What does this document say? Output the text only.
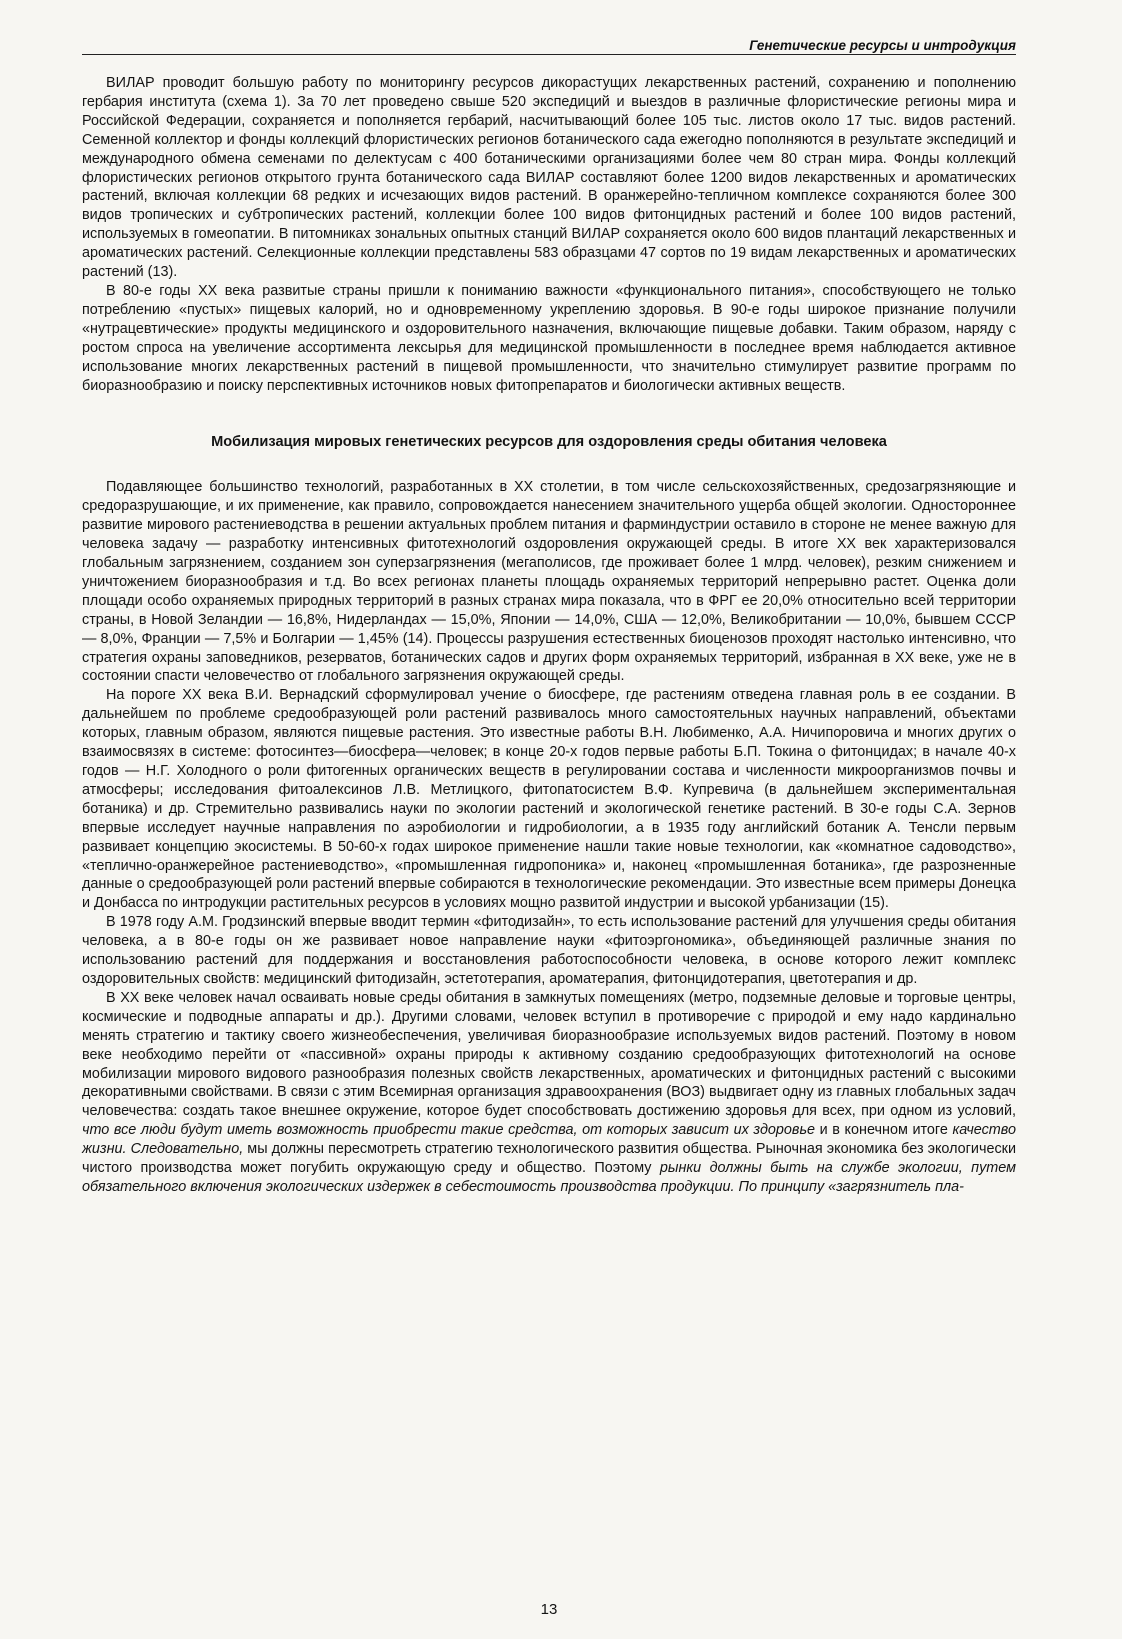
Генетические ресурсы и интродукция

ВИЛАР проводит большую работу по мониторингу ресурсов дикорастущих лекарственных растений, сохранению и пополнению гербария института (схема 1). За 70 лет проведено свыше 520 экспедиций и выездов в различные флористические регионы мира и Российской Федерации, сохраняется и пополняется гербарий, насчитывающий более 105 тыс. листов около 17 тыс. видов растений. Семенной коллектор и фонды коллекций флористических регионов ботанического сада ежегодно пополняются в результате экспедиций и международного обмена семенами по делектусам с 400 ботаническими организациями более чем 80 стран мира. Фонды коллекций флористических регионов открытого грунта ботанического сада ВИЛАР составляют более 1200 видов лекарственных и ароматических растений, включая коллекции 68 редких и исчезающих видов растений. В оранжерейно-тепличном комплексе сохраняются более 300 видов тропических и субтропических растений, коллекции более 100 видов фитонцидных растений и более 100 видов растений, используемых в гомеопатии. В питомниках зональных опытных станций ВИЛАР сохраняется около 600 видов плантаций лекарственных и ароматических растений. Селекционные коллекции представлены 583 образцами 47 сортов по 19 видам лекарственных и ароматических растений (13).

В 80-е годы XX века развитые страны пришли к пониманию важности «функционального питания», способствующего не только потреблению «пустых» пищевых калорий, но и одновременному укреплению здоровья. В 90-е годы широкое признание получили «нутрацевтические» продукты медицинского и оздоровительного назначения, включающие пищевые добавки. Таким образом, наряду с ростом спроса на увеличение ассортимента лексырья для медицинской промышленности в последнее время наблюдается активное использование многих лекарственных растений в пищевой промышленности, что значительно стимулирует развитие программ по биоразнообразию и поиску перспективных источников новых фитопрепаратов и биологически активных веществ.

Мобилизация мировых генетических ресурсов для оздоровления среды обитания человека

Подавляющее большинство технологий, разработанных в XX столетии, в том числе сельскохозяйственных, средозагрязняющие и средоразрушающие, и их применение, как правило, сопровождается нанесением значительного ущерба общей экологии. Одностороннее развитие мирового растениеводства в решении актуальных проблем питания и фарминдустрии оставило в стороне не менее важную для человека задачу — разработку интенсивных фитотехнологий оздоровления окружающей среды. В итоге XX век характеризовался глобальным загрязнением, созданием зон суперзагрязнения (мегаполисов, где проживает более 1 млрд. человек), резким снижением и уничтожением биоразнообразия и т.д. Во всех регионах планеты площадь охраняемых территорий непрерывно растет. Оценка доли площади особо охраняемых природных территорий в разных странах мира показала, что в ФРГ ее 20,0% относительно всей территории страны, в Новой Зеландии — 16,8%, Нидерландах — 15,0%, Японии — 14,0%, США — 12,0%, Великобритании — 10,0%, бывшем СССР — 8,0%, Франции — 7,5% и Болгарии — 1,45% (14). Процессы разрушения естественных биоценозов проходят настолько интенсивно, что стратегия охраны заповедников, резерватов, ботанических садов и других форм охраняемых территорий, избранная в XX веке, уже не в состоянии спасти человечество от глобального загрязнения окружающей среды.

На пороге XX века В.И. Вернадский сформулировал учение о биосфере, где растениям отведена главная роль в ее создании. В дальнейшем по проблеме средообразующей роли растений развивалось много самостоятельных научных направлений, объектами которых, главным образом, являются пищевые растения. Это известные работы В.Н. Любименко, А.А. Ничипоровича и многих других о взаимосвязях в системе: фотосинтез—биосфера—человек; в конце 20-х годов первые работы Б.П. Токина о фитонцидах; в начале 40-х годов — Н.Г. Холодного о роли фитогенных органических веществ в регулировании состава и численности микроорганизмов почвы и атмосферы; исследования фитоалексинов Л.В. Метлицкого, фитопатосистем В.Ф. Купревича (в дальнейшем экспериментальная ботаника) и др. Стремительно развивались науки по экологии растений и экологической генетике растений. В 30-е годы С.А. Зернов впервые исследует научные направления по аэробиологии и гидробиологии, а в 1935 году английский ботаник А. Тенсли первым развивает концепцию экосистемы. В 50-60-х годах широкое применение нашли такие новые технологии, как «комнатное садоводство», «теплично-оранжерейное растениеводство», «промышленная гидропоника» и, наконец «промышленная ботаника», где разрозненные данные о средообразующей роли растений впервые собираются в технологические рекомендации. Это известные всем примеры Донецка и Донбасса по интродукции растительных ресурсов в условиях мощно развитой индустрии и высокой урбанизации (15).

В 1978 году А.М. Гродзинский впервые вводит термин «фитодизайн», то есть использование растений для улучшения среды обитания человека, а в 80-е годы он же развивает новое направление науки «фитоэргономика», объединяющей различные знания по использованию растений для поддержания и восстановления работоспособности человека, в основе которого лежит комплекс оздоровительных свойств: медицинский фитодизайн, эстетотерапия, ароматерапия, фитонцидотерапия, цветотерапия и др.

В XX веке человек начал осваивать новые среды обитания в замкнутых помещениях (метро, подземные деловые и торговые центры, космические и подводные аппараты и др.). Другими словами, человек вступил в противоречие с природой и ему надо кардинально менять стратегию и тактику своего жизнеобеспечения, увеличивая биоразнообразие используемых видов растений. Поэтому в новом веке необходимо перейти от «пассивной» охраны природы к активному созданию средообразующих фитотехнологий на основе мобилизации мирового видового разнообразия полезных свойств лекарственных, ароматических и фитонцидных растений с высокими декоративными свойствами. В связи с этим Всемирная организация здравоохранения (ВОЗ) выдвигает одну из главных глобальных задач человечества: создать такое внешнее окружение, которое будет способствовать достижению здоровья для всех, при одном из условий, что все люди будут иметь возможность приобрести такие средства, от которых зависит их здоровье и в конечном итоге качество жизни. Следовательно, мы должны пересмотреть стратегию технологического развития общества. Рыночная экономика без экологически чистого производства может погубить окружающую среду и общество. Поэтому рынки должны быть на службе экологии, путем обязательного включения экологических издержек в себестоимость производства продукции. По принципу «загрязнитель пла-

13
